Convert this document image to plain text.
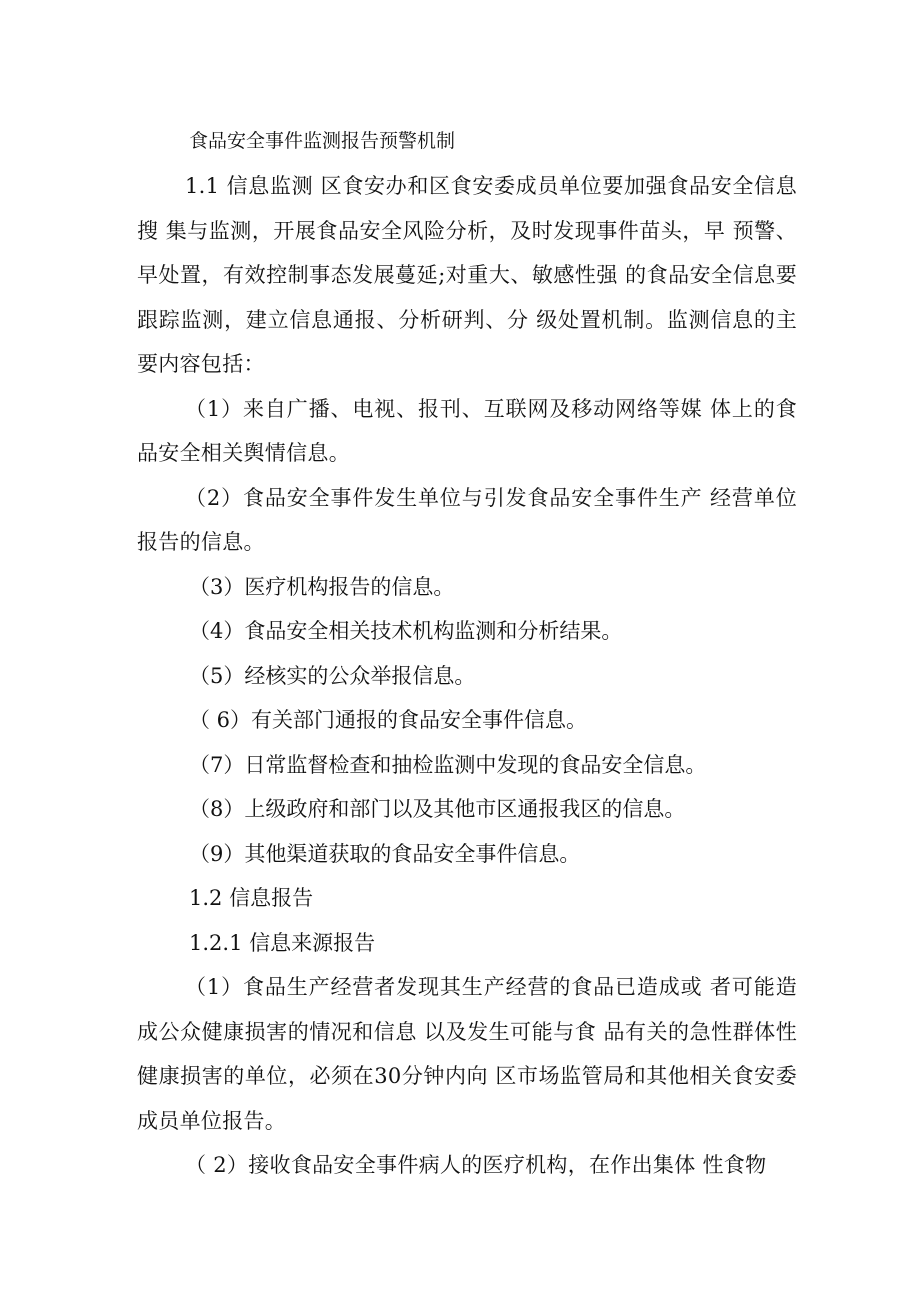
食品安全事件监测报告预警机制

1.1 信息监测 区食安办和区食安委成员单位要加强食品安全信息搜 集与监测，开展食品安全风险分析，及时发现事件苗头，早 预警、早处置，有效控制事态发展蔓延;对重大、敏感性强 的食品安全信息要跟踪监测，建立信息通报、分析研判、分 级处置机制。监测信息的主要内容包括：

（1）来自广播、电视、报刊、互联网及移动网络等媒 体上的食品安全相关舆情信息。

（2）食品安全事件发生单位与引发食品安全事件生产 经营单位报告的信息。

（3）医疗机构报告的信息。

（4）食品安全相关技术机构监测和分析结果。

（5）经核实的公众举报信息。

（ 6）有关部门通报的食品安全事件信息。

（7）日常监督检查和抽检监测中发现的食品安全信息。

（8）上级政府和部门以及其他市区通报我区的信息。

（9）其他渠道获取的食品安全事件信息。

1.2 信息报告

1.2.1 信息来源报告

（1）食品生产经营者发现其生产经营的食品已造成或 者可能造成公众健康损害的情况和信息 以及发生可能与食 品有关的急性群体性健康损害的单位，必须在30分钟内向 区市场监管局和其他相关食安委成员单位报告。

（ 2）接收食品安全事件病人的医疗机构，在作出集体 性食物
